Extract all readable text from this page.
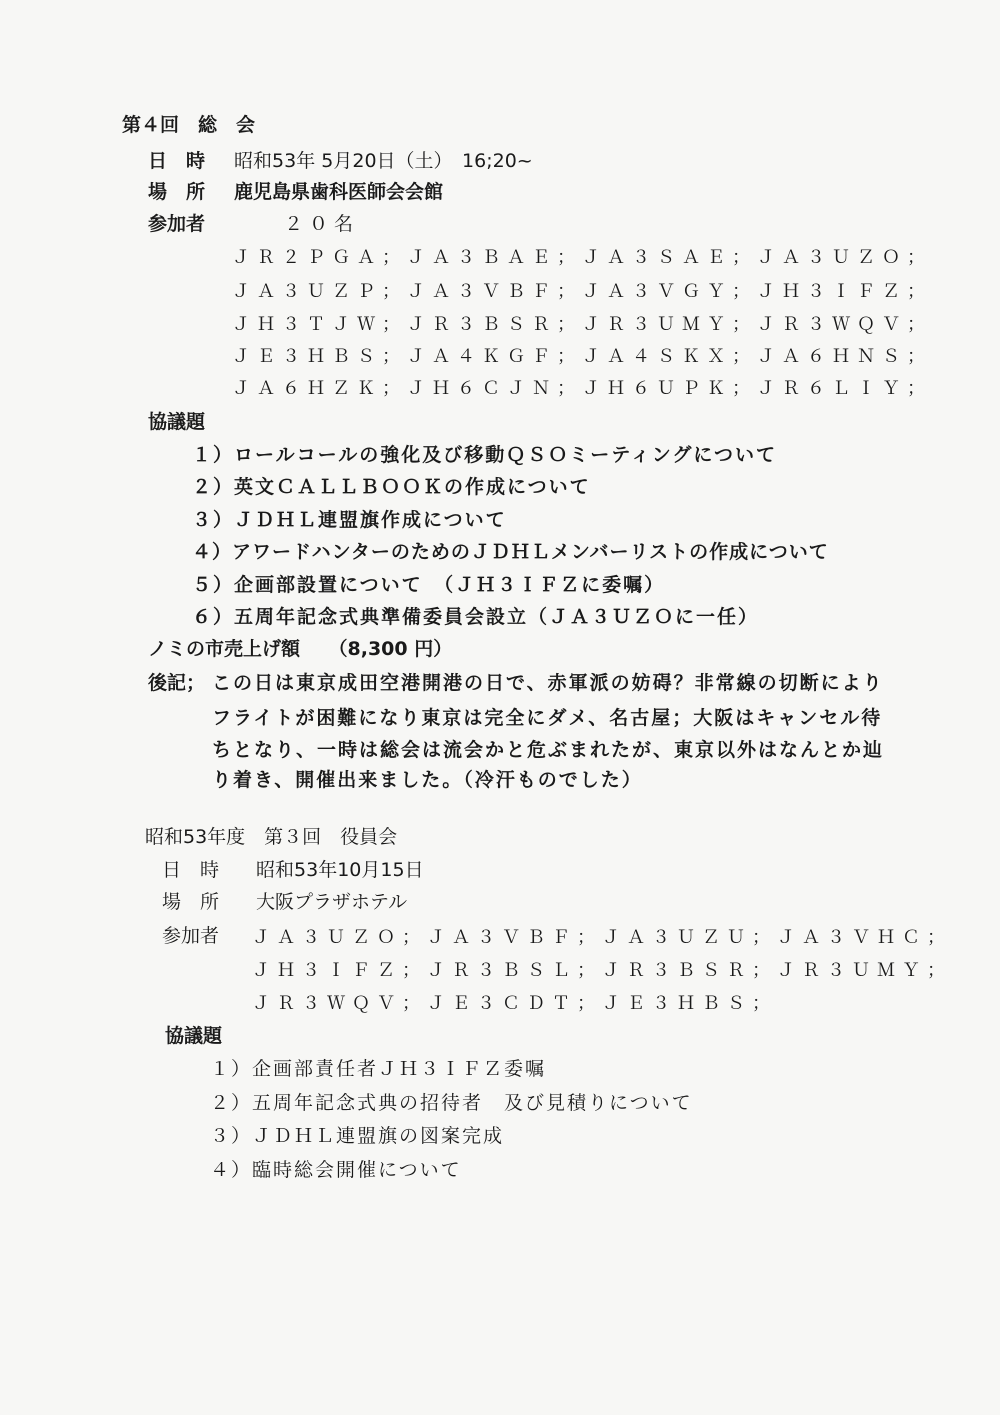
第４回　総　会
日　時 昭和53年 5月20日（土）　16;20~
場　所 鹿児島県歯科医師会会館
参加者	２０名
ＪＲ２ＰＧＡ；ＪＡ３ＢＡＥ；ＪＡ３ＳＡＥ；ＪＡ３ＵＺＯ；
ＪＡ３ＵＺＰ；ＪＡ３ＶＢＦ；ＪＡ３ＶＧＹ；ＪＨ３ＩＦＺ；
ＪＨ３ＴＪＷ；ＪＲ３ＢＳＲ；ＪＲ３ＵＭＹ；ＪＲ３ＷＱＶ；
ＪＥ３ＨＢＳ；ＪＡ４ＫＧＦ；ＪＡ４ＳＫＸ；ＪＡ６ＨＮＳ；
ＪＡ６ＨＺＫ；ＪＨ６ＣＪＮ；ＪＨ６ＵＰＫ；ＪＲ６ＬＩＹ；
協議題
１）ロールコールの強化及び移動ＱＳＯミーティングについて
２）英文ＣＡＬＬＢＯＯＫの作成について
３）ＪＤＨＬ連盟旗作成について
４）アワードハンターのためのＪＤＨＬメンバーリストの作成について
５）企画部設置について　（ＪＨ３ＩＦＺに委嘱）
６）五周年記念式典準備委員会設立（ＪＡ３ＵＺＯに一任）
ノミの市売上げ額　　（8,300 円）
後記； この日は東京成田空港開港の日で、赤軍派の妨碍？非常線の切断により
フライトが困難になり東京は完全にダメ、名古屋；大阪はキャンセル待
ちとなり、一時は総会は流会かと危ぶまれたが、東京以外はなんとか辿
り着き、開催出来ました。（冷汗ものでした）
昭和53年度　第３回　役員会
日　時 昭和53年10月15日
場　所 大阪プラザホテル
参加者 ＪＡ３ＵＺＯ；ＪＡ３ＶＢＦ；ＪＡ３ＵＺＵ；ＪＡ３ＶＨＣ；
ＪＨ３ＩＦＺ；ＪＲ３ＢＳＬ；ＪＲ３ＢＳＲ；ＪＲ３ＵＭＹ；
ＪＲ３ＷＱＶ；ＪＥ３ＣＤＴ；ＪＥ３ＨＢＳ；
協議題
１）企画部責任者ＪＨ３ＩＦＺ委嘱
２）五周年記念式典の招待者　及び見積りについて
３）ＪＤＨＬ連盟旗の図案完成
４）臨時総会開催について
